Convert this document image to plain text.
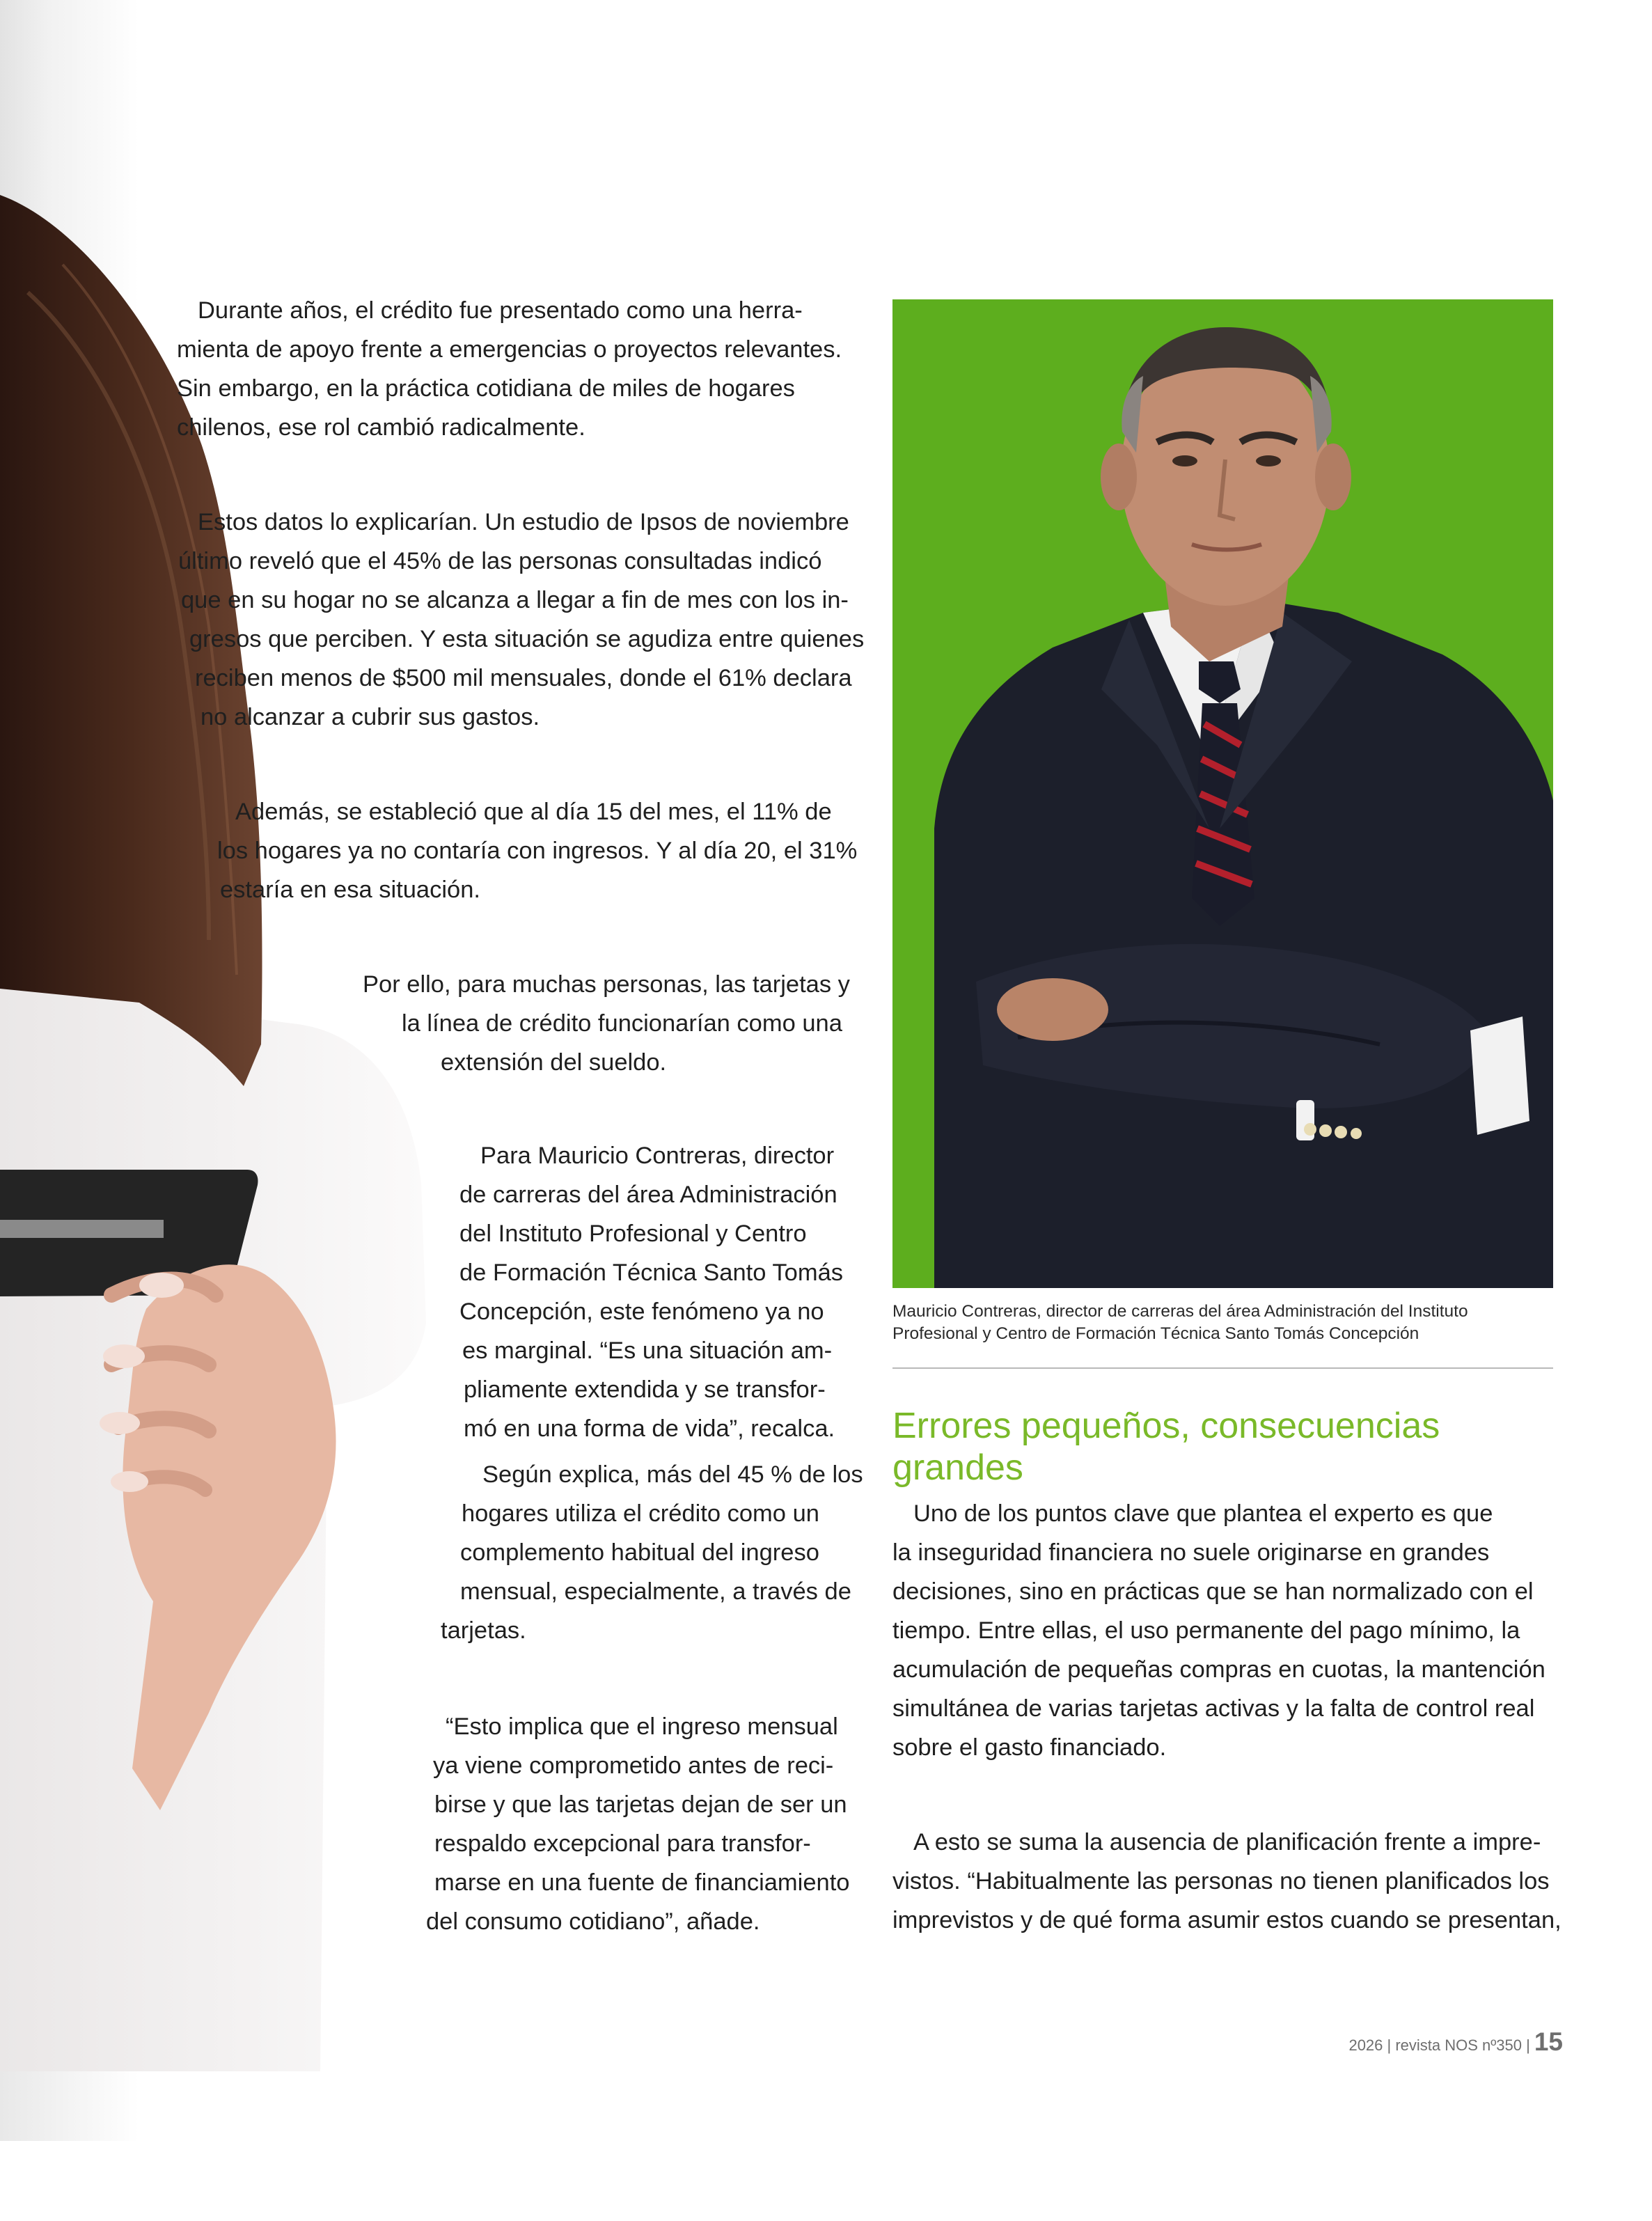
Durante años, el crédito fue presentado como una herra-
mienta de apoyo frente a emergencias o proyectos relevantes.
Sin embargo, en la práctica cotidiana de miles de hogares
chilenos, ese rol cambió radicalmente.
Estos datos lo explicarían. Un estudio de Ipsos de noviembre
último reveló que el 45% de las personas consultadas indicó
que en su hogar no se alcanza a llegar a fin de mes con los in-
gresos que perciben. Y esta situación se agudiza entre quienes
reciben menos de $500 mil mensuales, donde el 61% declara
no alcanzar a cubrir sus gastos.
Además, se estableció que al día 15 del mes, el 11% de
los hogares ya no contaría con ingresos. Y al día 20, el 31%
estaría en esa situación.
Por ello, para muchas personas, las tarjetas y
la línea de crédito funcionarían como una
extensión del sueldo.
Para Mauricio Contreras, director
de carreras del área Administración
del Instituto Profesional y Centro
de Formación Técnica Santo Tomás
Concepción, este fenómeno ya no
es marginal. “Es una situación am-
pliamente extendida y se transfor-
mó en una forma de vida”, recalca.
Según explica, más del 45 % de los
hogares utiliza el crédito como un
complemento habitual del ingreso
mensual, especialmente, a través de
tarjetas.
“Esto implica que el ingreso mensual
ya viene comprometido antes de reci-
birse y que las tarjetas dejan de ser un
respaldo excepcional para transfor-
marse en una fuente de financiamiento
del consumo cotidiano”, añade.
Mauricio Contreras, director de carreras del área Administración del Instituto
Profesional y Centro de Formación Técnica Santo Tomás Concepción
Errores pequeños, consecuencias
grandes
Uno de los puntos clave que plantea el experto es que
la inseguridad financiera no suele originarse en grandes
decisiones, sino en prácticas que se han normalizado con el
tiempo. Entre ellas, el uso permanente del pago mínimo, la
acumulación de pequeñas compras en cuotas, la mantención
simultánea de varias tarjetas activas y la falta de control real
sobre el gasto financiado.
A esto se suma la ausencia de planificación frente a impre-
vistos. “Habitualmente las personas no tienen planificados los
imprevistos y de qué forma asumir estos cuando se presentan,
2026 | revista NOS nº350 | 15
